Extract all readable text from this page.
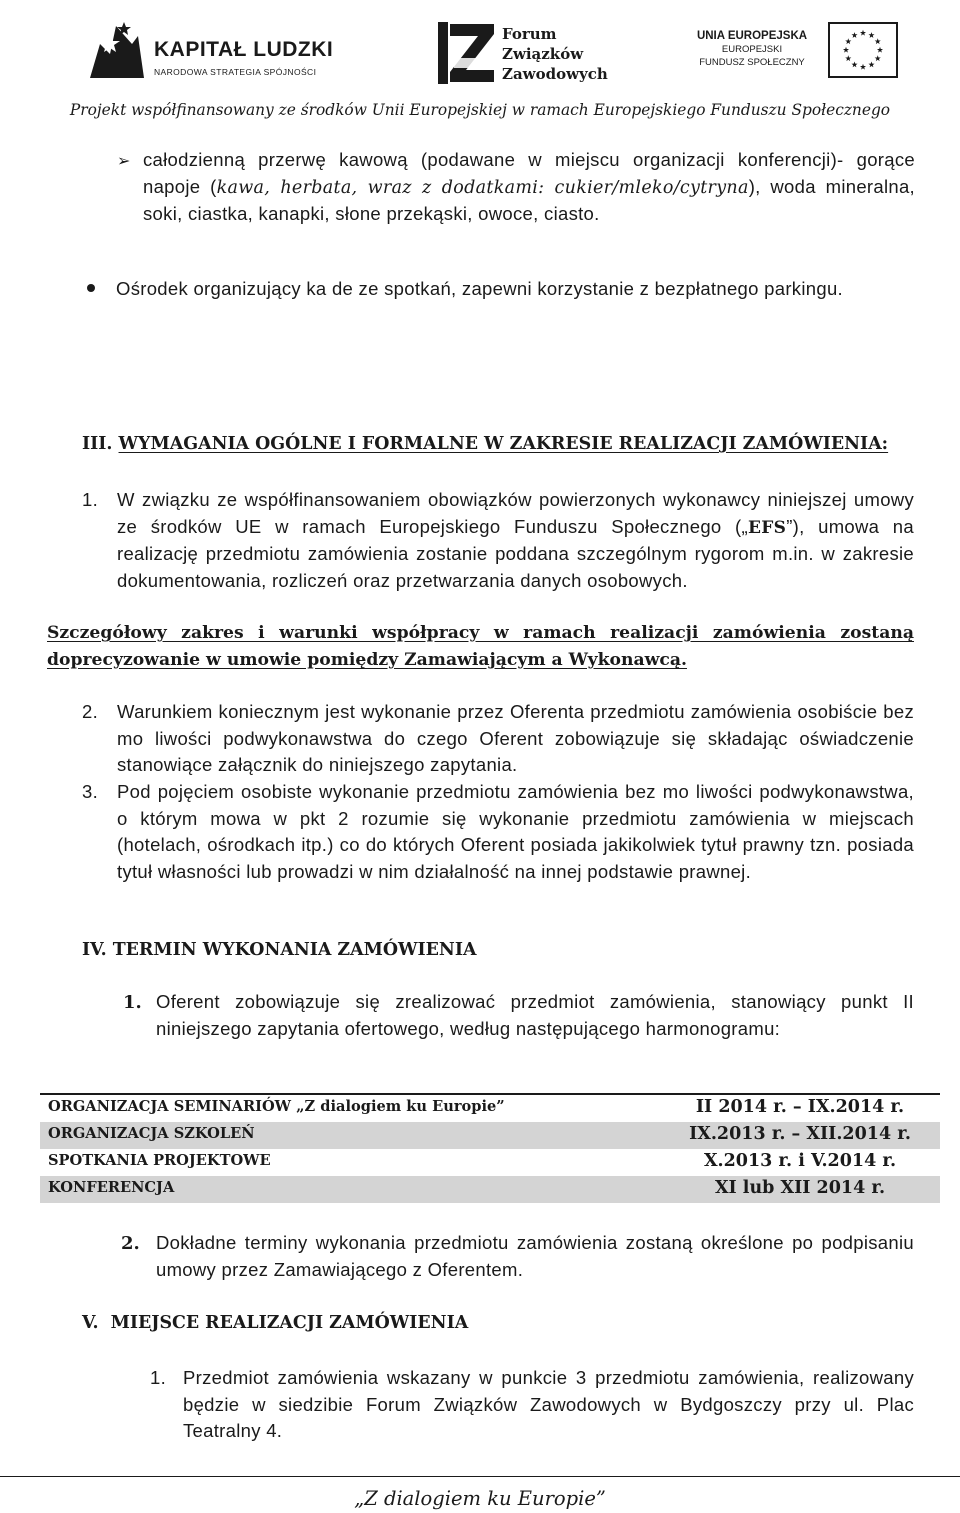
KAPITAŁ LUDZKI
NARODOWA STRATEGIA SPÓJNOŚCI
Forum
Związków
Zawodowych
UNIA EUROPEJSKA
EUROPEJSKI
FUNDUSZ SPOŁECZNY
Projekt współfinansowany ze środków Unii Europejskiej w ramach Europejskiego Funduszu Społecznego
➢ całodzienną przerwę kawową (podawane w miejscu organizacji konferencji)- gorące napoje (kawa, herbata, wraz z dodatkami: cukier/mleko/cytryna), woda mineralna, soki, ciastka, kanapki, słone przekąski, owoce, ciasto.
Ośrodek organizujący ka de ze spotkań, zapewni korzystanie z bezpłatnego parkingu.
III. WYMAGANIA OGÓLNE I FORMALNE W ZAKRESIE REALIZACJI ZAMÓWIENIA:
1. W związku ze współfinansowaniem obowiązków powierzonych wykonawcy niniejszej umowy ze środków UE w ramach Europejskiego Funduszu Społecznego („EFS”), umowa na realizację przedmiotu zamówienia zostanie poddana szczególnym rygorom m.in. w zakresie dokumentowania, rozliczeń oraz przetwarzania danych osobowych.
Szczegółowy zakres i warunki współpracy w ramach realizacji zamówienia zostaną doprecyzowanie w umowie pomiędzy Zamawiającym a Wykonawcą.
2. Warunkiem koniecznym jest wykonanie przez Oferenta przedmiotu zamówienia osobiście bez mo liwości podwykonawstwa do czego Oferent zobowiązuje się składając oświadczenie stanowiące załącznik do niniejszego zapytania.
3. Pod pojęciem osobiste wykonanie przedmiotu zamówienia bez mo liwości podwykonawstwa, o którym mowa w pkt 2 rozumie się wykonanie przedmiotu zamówienia w miejscach (hotelach, ośrodkach itp.) co do których Oferent posiada jakikolwiek tytuł prawny tzn. posiada tytuł własności lub prowadzi w nim działalność na innej podstawie prawnej.
IV. TERMIN WYKONANIA ZAMÓWIENIA
1. Oferent zobowiązuje się zrealizować przedmiot zamówienia, stanowiący punkt II niniejszego zapytania ofertowego, według następującego harmonogramu:
ORGANIZACJA SEMINARIÓW „Z dialogiem ku Europie”	II 2014 r. – IX.2014 r.
ORGANIZACJA SZKOLEŃ	IX.2013 r. – XII.2014 r.
SPOTKANIA PROJEKTOWE	X.2013 r. i V.2014 r.
KONFERENCJA	XI lub XII 2014 r.
2. Dokładne terminy wykonania przedmiotu zamówienia zostaną określone po podpisaniu umowy przez Zamawiającego z Oferentem.
V. MIEJSCE REALIZACJI ZAMÓWIENIA
1. Przedmiot zamówienia wskazany w punkcie 3 przedmiotu zamówienia, realizowany będzie w siedzibie Forum Związków Zawodowych w Bydgoszczy przy ul. Plac Teatralny 4.
„Z dialogiem ku Europie”
